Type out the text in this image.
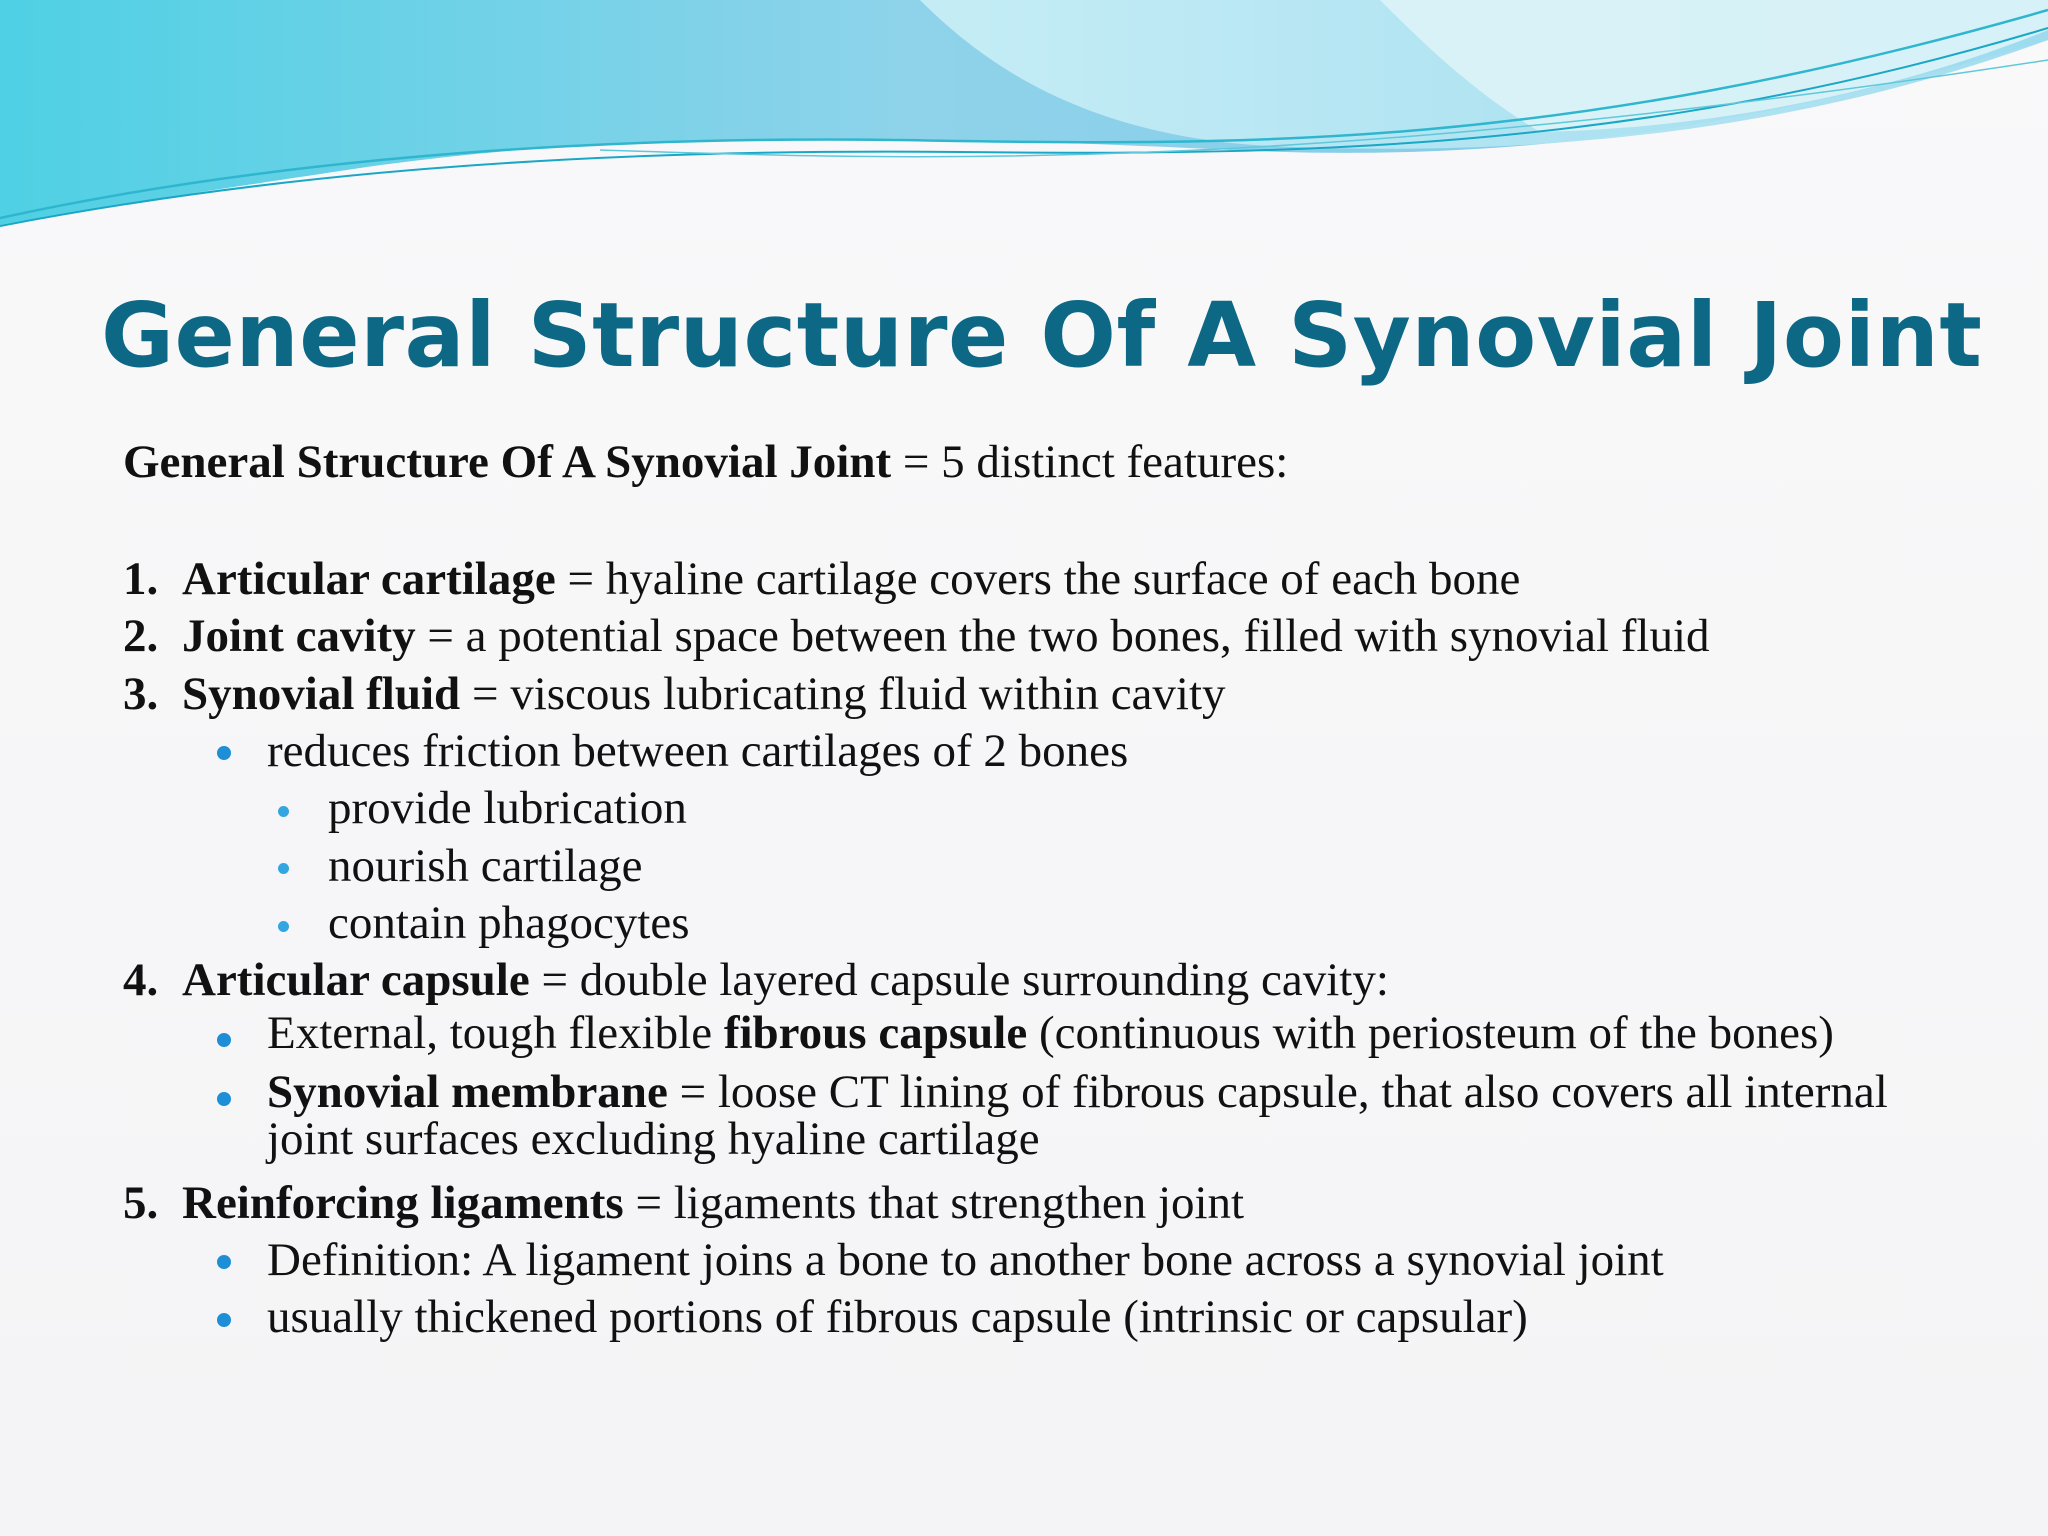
General Structure Of A Synovial Joint

General Structure Of A Synovial Joint = 5 distinct features:

1. Articular cartilage = hyaline cartilage covers the surface of each bone

2. Joint cavity = a potential space between the two bones, filled with synovial fluid

3. Synovial fluid = viscous lubricating fluid within cavity

reduces friction between cartilages of 2 bones

provide lubrication

nourish cartilage

contain phagocytes

4. Articular capsule = double layered capsule surrounding cavity:

External, tough flexible fibrous capsule (continuous with periosteum of the bones)

Synovial membrane = loose CT lining of fibrous capsule, that also covers all internal joint surfaces excluding hyaline cartilage

5. Reinforcing ligaments = ligaments that strengthen joint

Definition: A ligament joins a bone to another bone across a synovial joint

usually thickened portions of fibrous capsule (intrinsic or capsular)
